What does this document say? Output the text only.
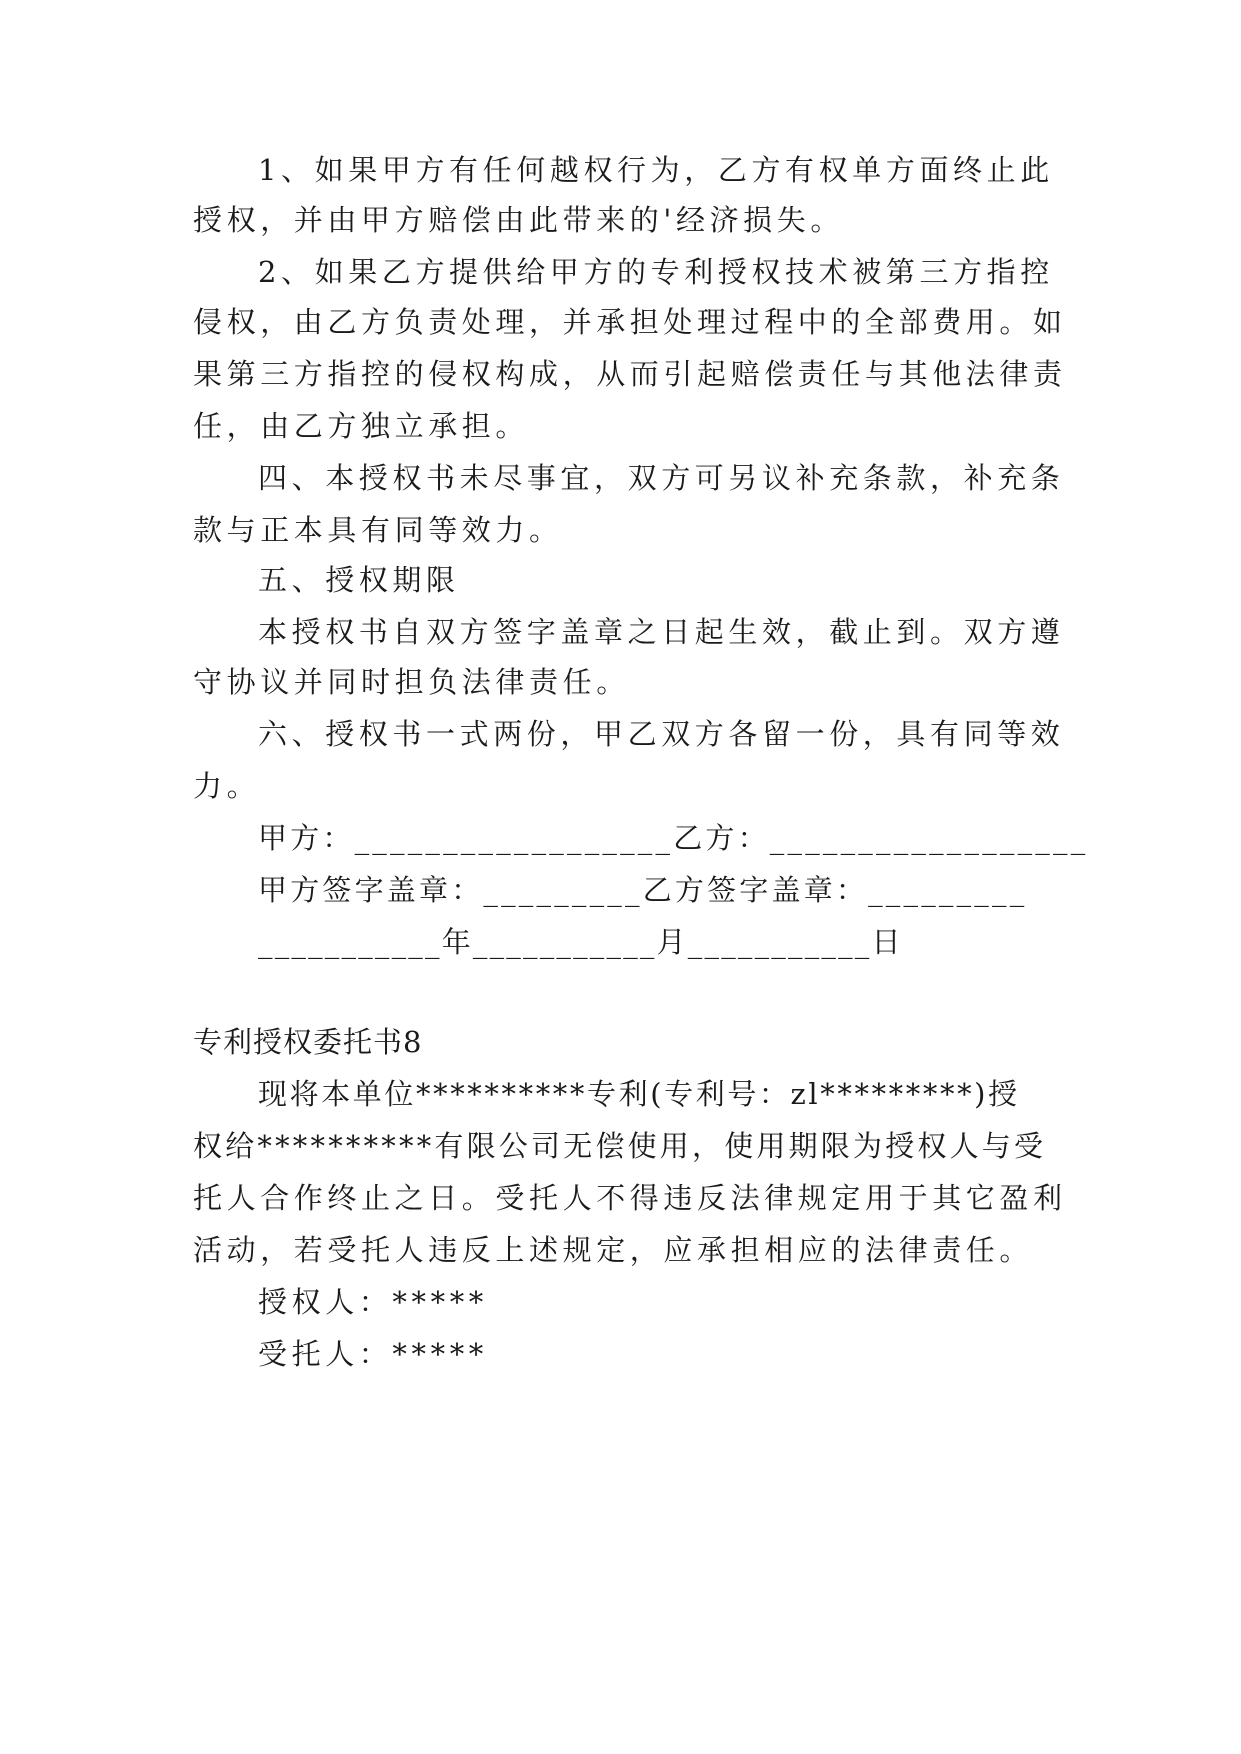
1、如果甲方有任何越权行为，乙方有权单方面终止此
授权，并由甲方赔偿由此带来的'经济损失。
2、如果乙方提供给甲方的专利授权技术被第三方指控
侵权，由乙方负责处理，并承担处理过程中的全部费用。如
果第三方指控的侵权构成，从而引起赔偿责任与其他法律责
任，由乙方独立承担。
四、本授权书未尽事宜，双方可另议补充条款，补充条
款与正本具有同等效力。
五、授权期限
本授权书自双方签字盖章之日起生效，截止到。双方遵
守协议并同时担负法律责任。
六、授权书一式两份，甲乙双方各留一份，具有同等效
力。
甲方：__________________乙方：__________________
甲方签字盖章：_________乙方签字盖章：_________
___________年___________月___________日
专利授权委托书8
现将本单位**********专利(专利号：zl*********)授
权给**********有限公司无偿使用，使用期限为授权人与受
托人合作终止之日。受托人不得违反法律规定用于其它盈利
活动，若受托人违反上述规定，应承担相应的法律责任。
授权人：*****
受托人：*****
